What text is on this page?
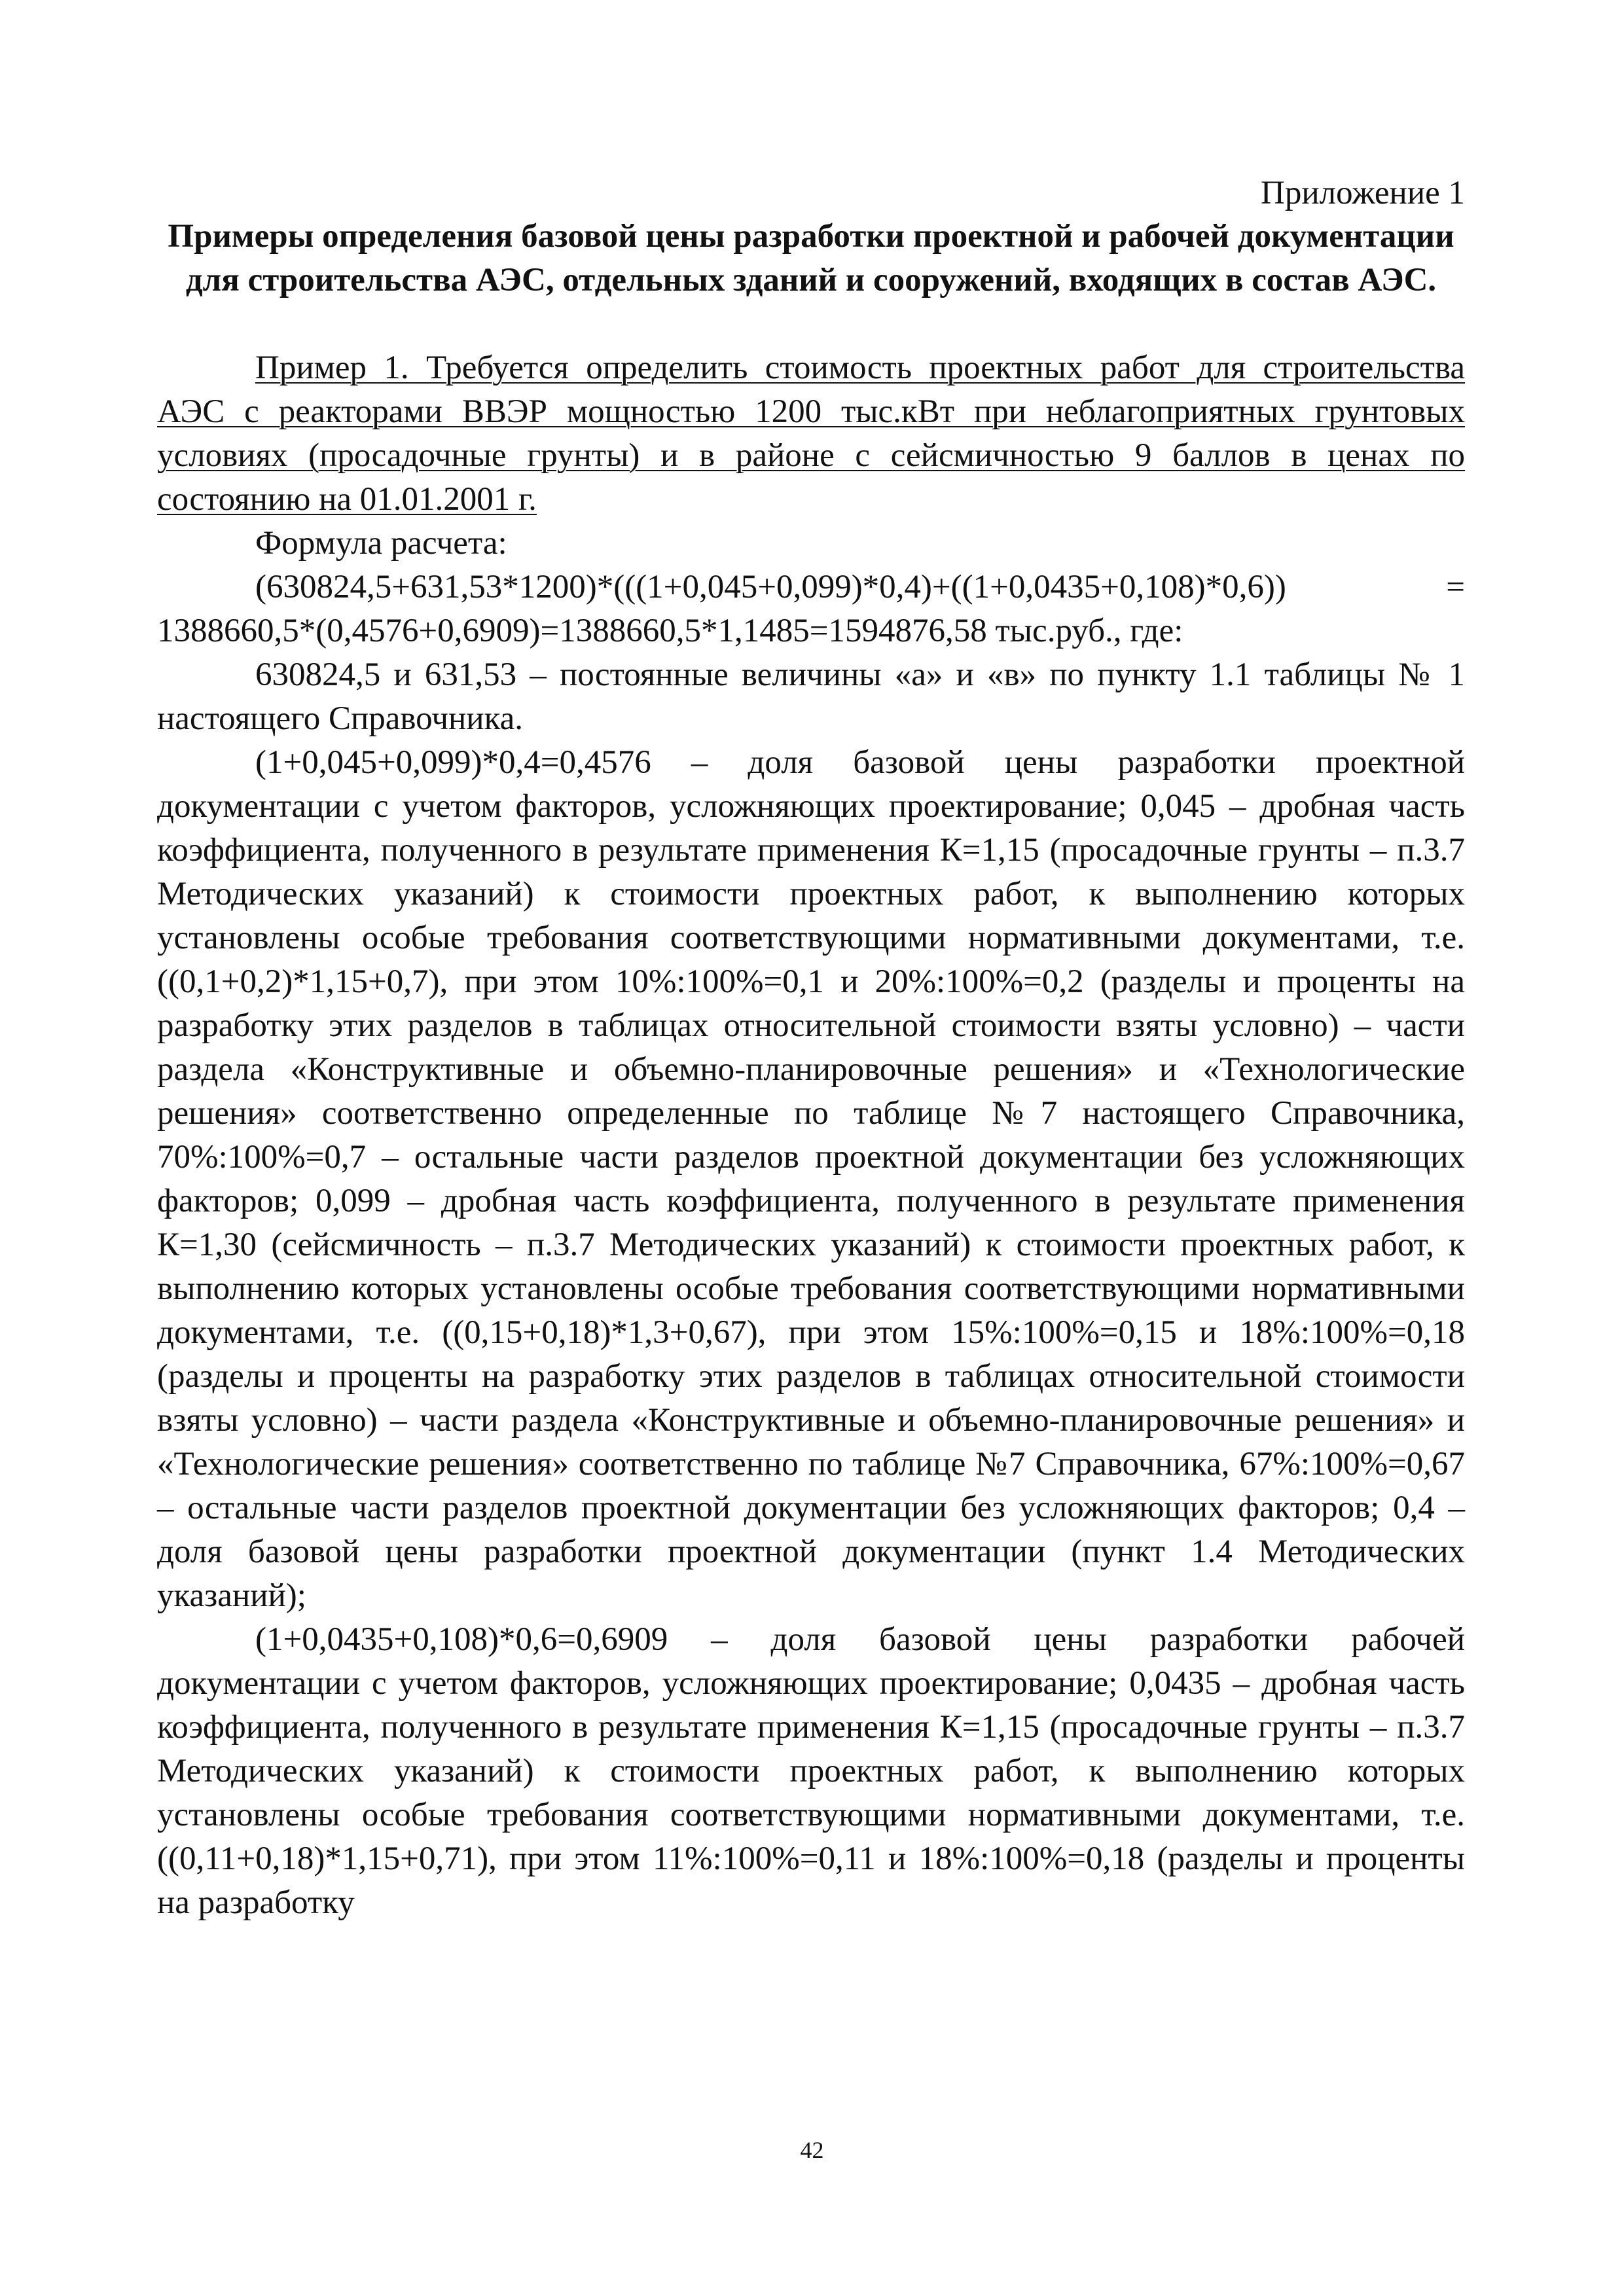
Приложение 1

Примеры определения базовой цены разработки проектной и рабочей документации для строительства АЭС, отдельных зданий и сооружений, входящих в состав АЭС.

Пример 1. Требуется определить стоимость проектных работ для строительства АЭС с реакторами ВВЭР мощностью 1200 тыс.кВт при неблагоприятных грунтовых условиях (просадочные грунты) и в районе с сейсмичностью 9 баллов в ценах по состоянию на 01.01.2001 г.

Формула расчета:

(630824,5+631,53*1200)*(((1+0,045+0,099)*0,4)+((1+0,0435+0,108)*0,6)) = 1388660,5*(0,4576+0,6909)=1388660,5*1,1485=1594876,58 тыс.руб., где:

630824,5 и 631,53 – постоянные величины «а» и «в» по пункту 1.1 таблицы № 1 настоящего Справочника.

(1+0,045+0,099)*0,4=0,4576 – доля базовой цены разработки проектной документации с учетом факторов, усложняющих проектирование; 0,045 – дробная часть коэффициента, полученного в результате применения К=1,15 (просадочные грунты – п.3.7 Методических указаний) к стоимости проектных работ, к выполнению которых установлены особые требования соответствующими нормативными документами, т.е. ((0,1+0,2)*1,15+0,7), при этом 10%:100%=0,1 и 20%:100%=0,2 (разделы и проценты на разработку этих разделов в таблицах относительной стоимости взяты условно) – части раздела «Конструктивные и объемно-планировочные решения» и «Технологические решения» соответственно определенные по таблице №7 настоящего Справочника, 70%:100%=0,7 – остальные части разделов проектной документации без усложняющих факторов; 0,099 – дробная часть коэффициента, полученного в результате применения К=1,30 (сейсмичность – п.3.7 Методических указаний) к стоимости проектных работ, к выполнению которых установлены особые требования соответствующими нормативными документами, т.е. ((0,15+0,18)*1,3+0,67), при этом 15%:100%=0,15 и 18%:100%=0,18 (разделы и проценты на разработку этих разделов в таблицах относительной стоимости взяты условно) – части раздела «Конструктивные и объемно-планировочные решения» и «Технологические решения» соответственно по таблице №7 Справочника, 67%:100%=0,67 – остальные части разделов проектной документации без усложняющих факторов; 0,4 – доля базовой цены разработки проектной документации (пункт 1.4 Методических указаний);

(1+0,0435+0,108)*0,6=0,6909 – доля базовой цены разработки рабочей документации с учетом факторов, усложняющих проектирование; 0,0435 – дробная часть коэффициента, полученного в результате применения К=1,15 (просадочные грунты – п.3.7 Методических указаний) к стоимости проектных работ, к выполнению которых установлены особые требования соответствующими нормативными документами, т.е. ((0,11+0,18)*1,15+0,71), при этом 11%:100%=0,11 и 18%:100%=0,18 (разделы и проценты на разработку

42
